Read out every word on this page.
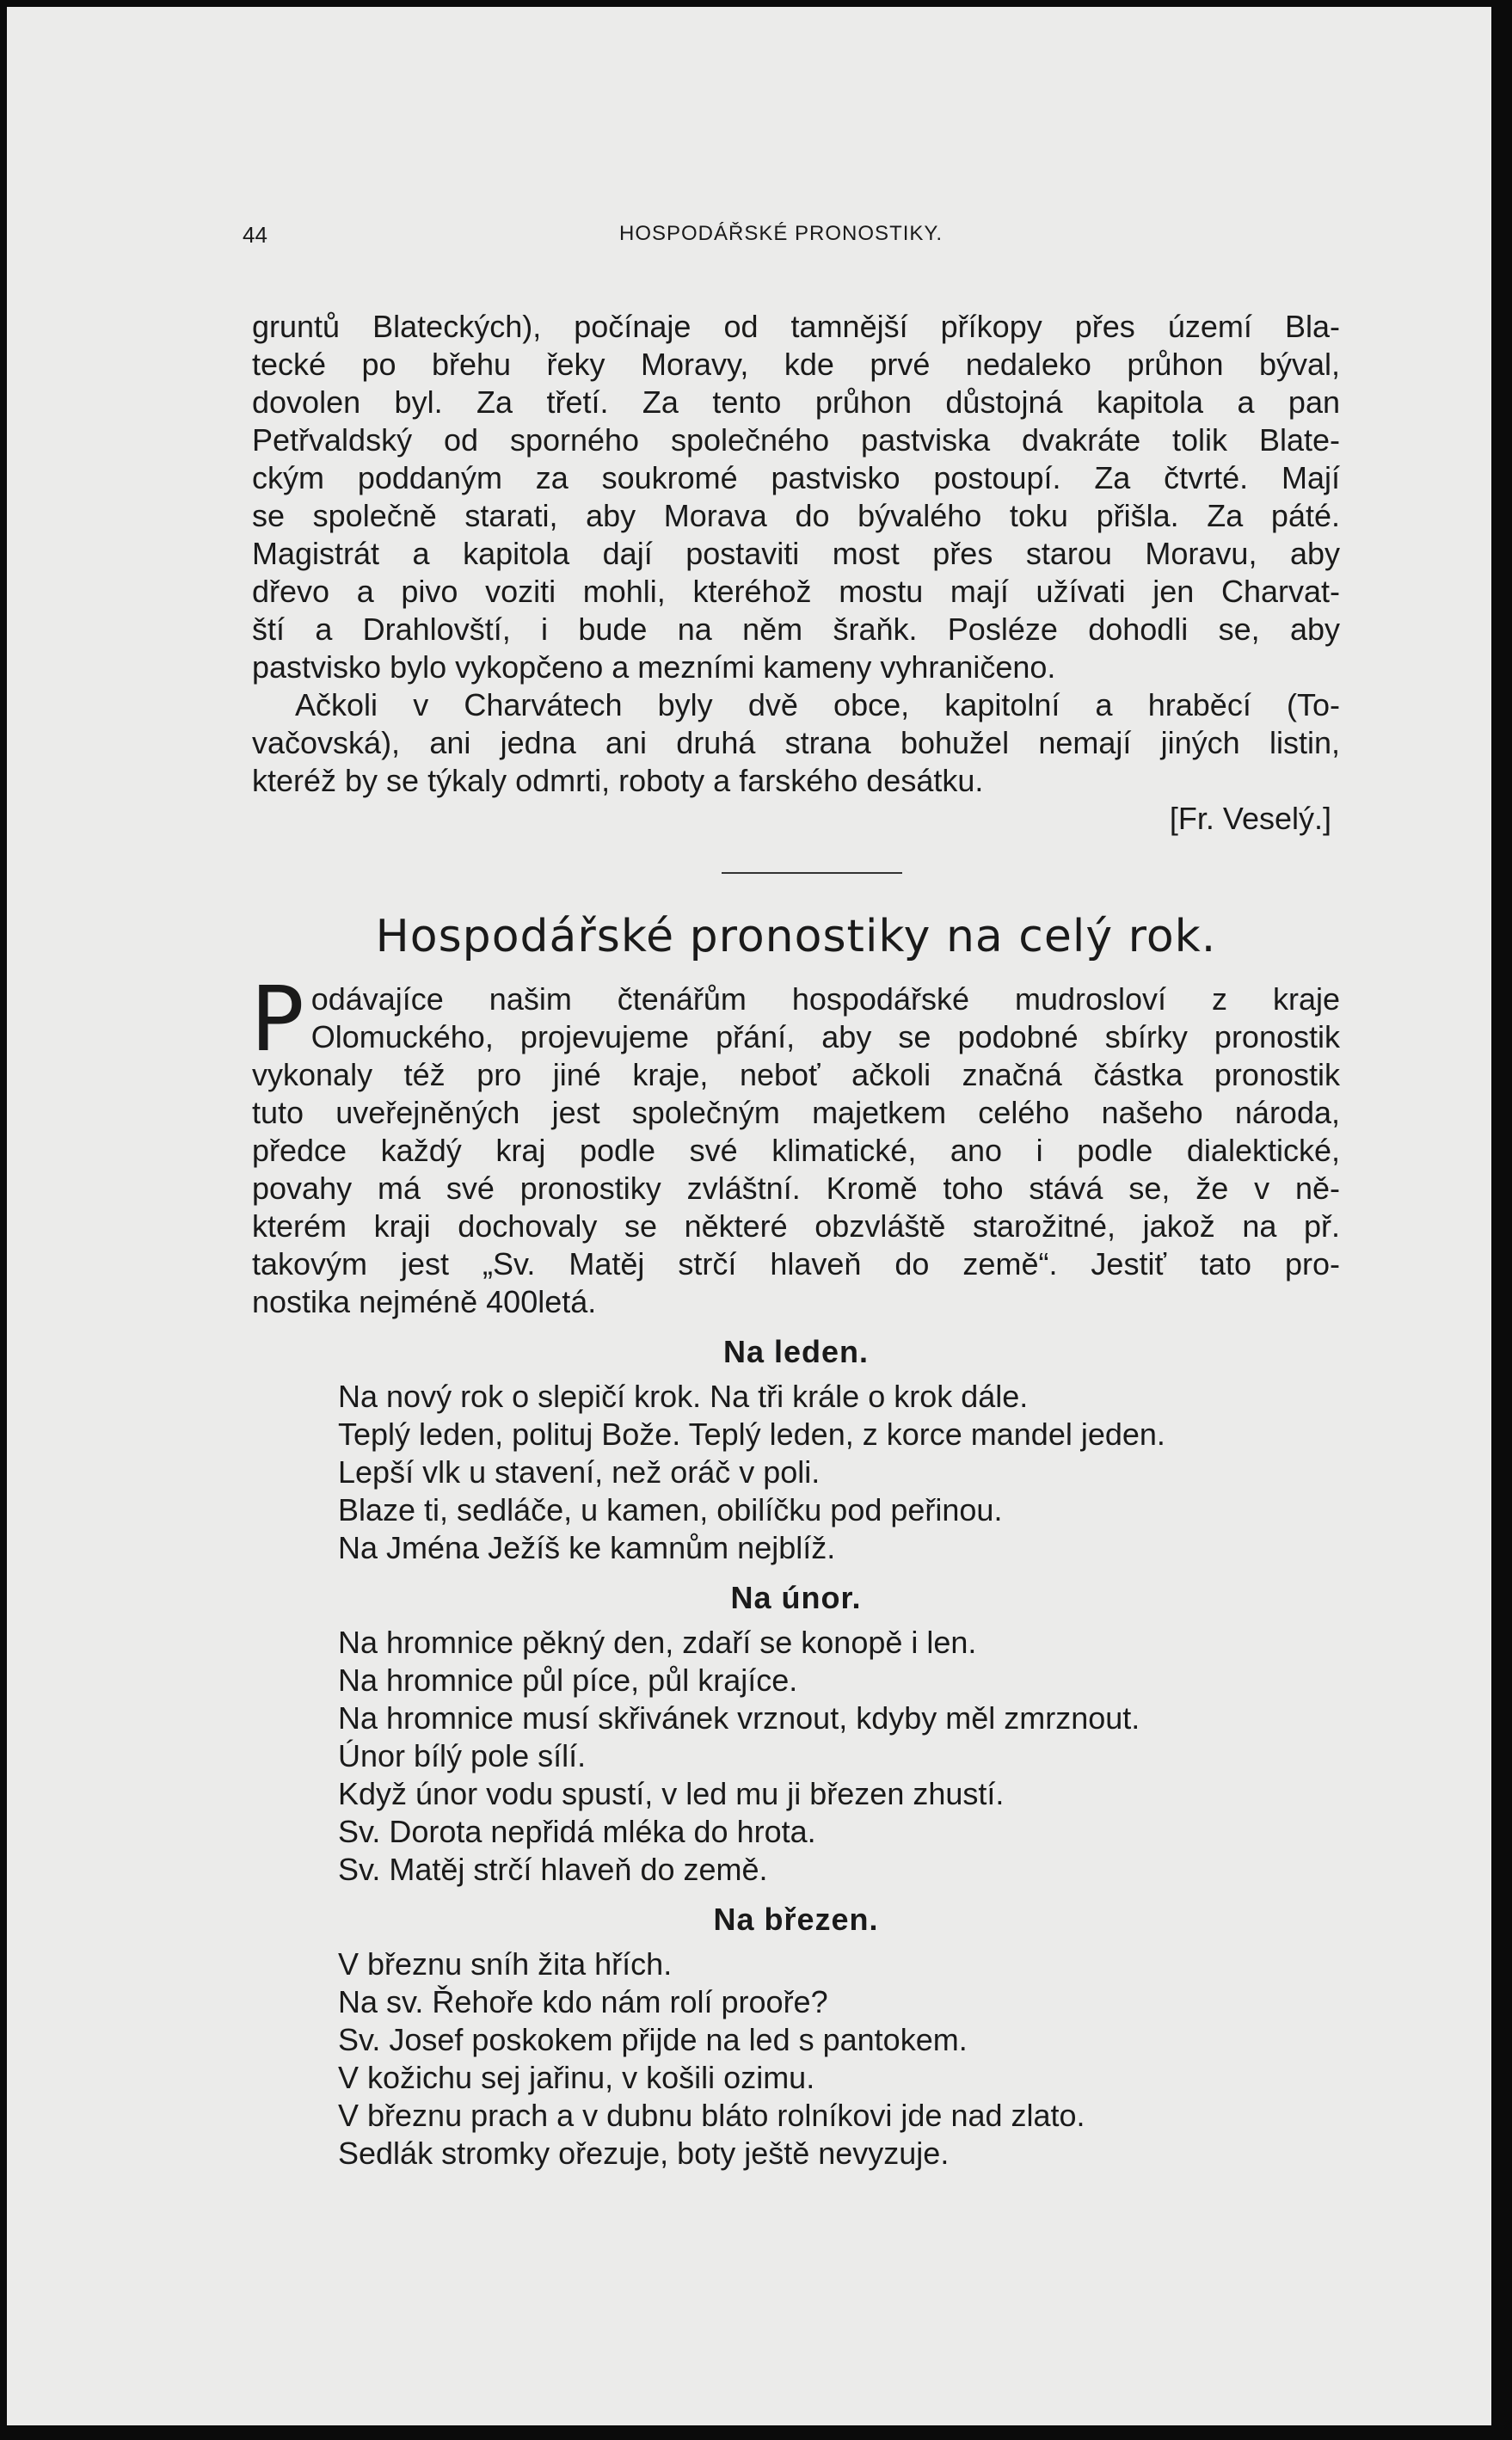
44	HOSPODÁŘSKÉ PRONOSTIKY.
gruntů Blateckých), počínaje od tamnější příkopy přes území Bla-
tecké po břehu řeky Moravy, kde prvé nedaleko průhon býval,
dovolen byl. Za třetí. Za tento průhon důstojná kapitola a pan
Petřvaldský od sporného společného pastviska dvakráte tolik Blate-
ckým poddaným za soukromé pastvisko postoupí. Za čtvrté. Mají
se společně starati, aby Morava do bývalého toku přišla. Za páté.
Magistrát a kapitola dají postaviti most přes starou Moravu, aby
dřevo a pivo voziti mohli, kteréhož mostu mají užívati jen Charvat-
ští a Drahlovští, i bude na něm šraňk. Posléze dohodli se, aby
pastvisko bylo vykopčeno a mezními kameny vyhraničeno.
Ačkoli v Charvátech byly dvě obce, kapitolní a hraběcí (To-
vačovská), ani jedna ani druhá strana bohužel nemají jiných listin,
kteréž by se týkaly odmrti, roboty a farského desátku.
[Fr. Veselý.]
Hospodářské pronostiky na celý rok.
P odávajíce našim čtenářům hospodářské mudrosloví z kraje
Olomuckého, projevujeme přání, aby se podobné sbírky pronostik
vykonaly též pro jiné kraje, neboť ačkoli značná částka pronostik
tuto uveřejněných jest společným majetkem celého našeho národa,
předce každý kraj podle své klimatické, ano i podle dialektické,
povahy má své pronostiky zvláštní. Kromě toho stává se, že v ně-
kterém kraji dochovaly se některé obzvláště starožitné, jakož na př.
takovým jest „Sv. Matěj strčí hlaveň do země“. Jestiť tato pro-
nostika nejméně 400letá.
Na leden.
Na nový rok o slepičí krok. Na tři krále o krok dále.
Teplý leden, polituj Bože. Teplý leden, z korce mandel jeden.
Lepší vlk u stavení, než oráč v poli.
Blaze ti, sedláče, u kamen, obilíčku pod peřinou.
Na Jména Ježíš ke kamnům nejblíž.
Na únor.
Na hromnice pěkný den, zdaří se konopě i len.
Na hromnice půl píce, půl krajíce.
Na hromnice musí skřivánek vrznout, kdyby měl zmrznout.
Únor bílý pole sílí.
Když únor vodu spustí, v led mu ji březen zhustí.
Sv. Dorota nepřidá mléka do hrota.
Sv. Matěj strčí hlaveň do země.
Na březen.
V březnu sníh žita hřích.
Na sv. Řehoře kdo nám rolí prooře?
Sv. Josef poskokem přijde na led s pantokem.
V kožichu sej jařinu, v košili ozimu.
V březnu prach a v dubnu bláto rolníkovi jde nad zlato.
Sedlák stromky ořezuje, boty ještě nevyzuje.
